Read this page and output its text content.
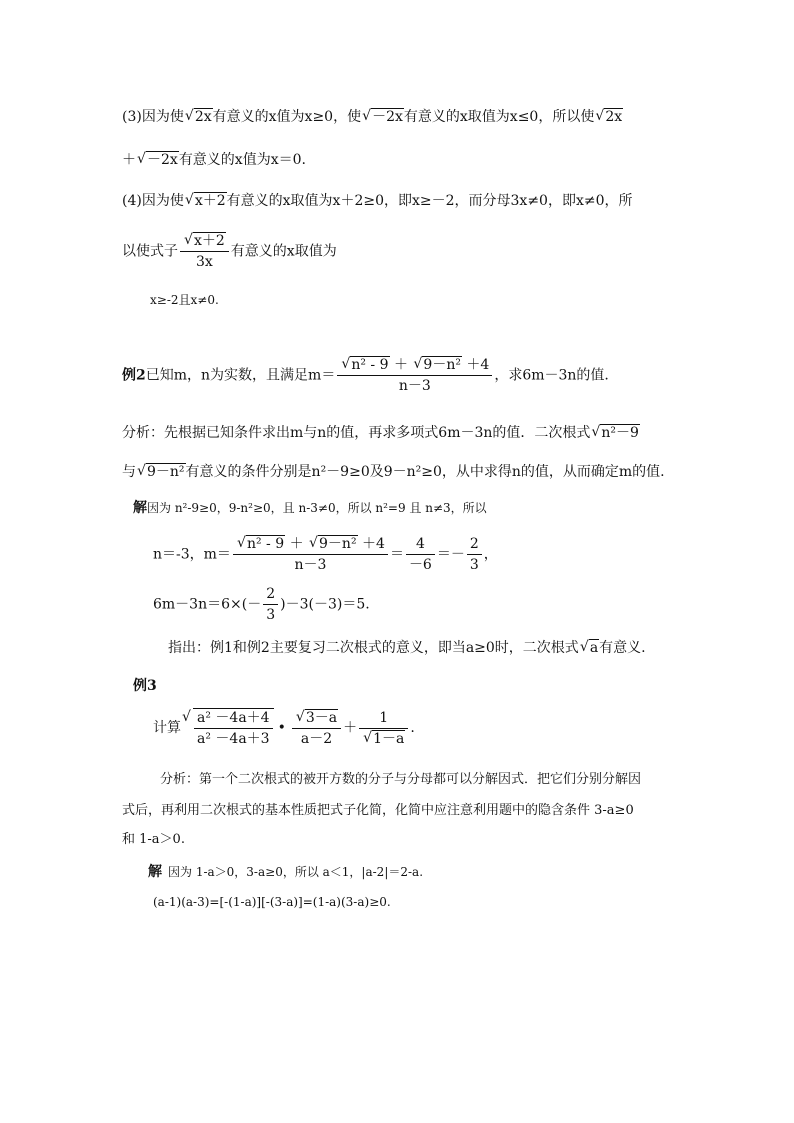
(3)因为使 √ 2x有意义的x值为x≥0，使 √ －2x有意义的x取值为x≤0，所以使 √ 2x
＋ √ －2x有意义的x值为x＝0.
(4)因为使 √ x＋2有意义的x取值为x＋2≥0，即x≥－2，而分母3x≠0，即x≠0，所
以使式子 √ $\frac{x+2}{3x}$ 有意义的x取值为
x≥-2且x≠0.
例2已知m，n为实数，且满足m＝ √ $\frac{\text{n² - 9 ＋ √ 9－n² ＋4}}{n-3}$ ，求6m－3n的值.
分析：先根据已知条件求出m与n的值，再求多项式6m－3n的值．二次根式 √ n²－9
与 √ 9－n²有意义的条件分别是n²－9≥0及9－n²≥0，从中求得n的值，从而确定m的值.
解因为 n²-9≥0，9-n²≥0，且 n-3≠0，所以 n²=9 且 n≠3，所以
n＝-3，m＝ √ $\frac{\text{n² - 9 ＋ √ 9－n² ＋4}}{n-3} = \frac{4}{-6} =- \frac{2}{3}$ ，
$6m-3n=6\times(- \frac{2}{3} )-3(-3)=5$.
指出：例1和例2主要复习二次根式的意义，即当a≥0时，二次根式 √ a有意义.
例3
计算 √ $\frac{\text{a² －4a＋4}}{\text{a² －4a＋3}}$ • √ $\frac{3-a}{a-2} + 1$
√ 1－a .
分析：第一个二次根式的被开方数的分子与分母都可以分解因式．把它们分别分解因
式后，再利用二次根式的基本性质把式子化简，化简中应注意利用题中的隐含条件 3-a≥0
和 1-a＞0.
解 因为 1-a＞0，3-a≥0，所以 a＜1，|a-2|＝2-a.
(a-1)(a-3)=[-(1-a)][-(3-a)]=(1-a)(3-a)≥0.
